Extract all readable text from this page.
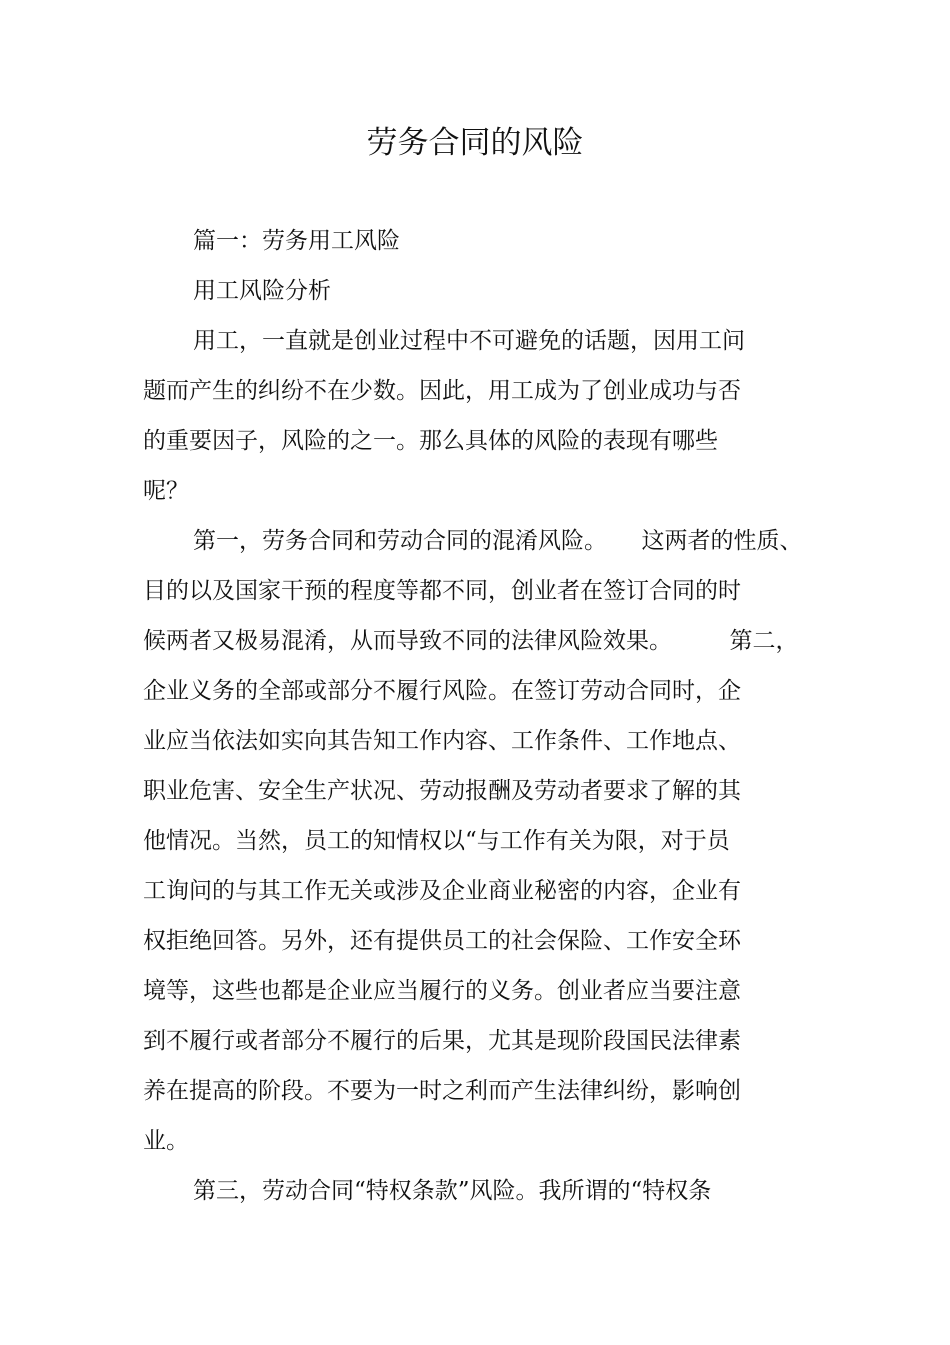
劳务合同的风险
篇一：劳务用工风险
用工风险分析
用工，一直就是创业过程中不可避免的话题，因用工问
题而产生的纠纷不在少数。因此，用工成为了创业成功与否
的重要因子，风险的之一。那么具体的风险的表现有哪些
呢？
第一，劳务合同和劳动合同的混淆风险。　　这两者的性质、
目的以及国家干预的程度等都不同，创业者在签订合同的时
候两者又极易混淆，从而导致不同的法律风险效果。　　　第二，
企业义务的全部或部分不履行风险。在签订劳动合同时，企
业应当依法如实向其告知工作内容、工作条件、工作地点、
职业危害、安全生产状况、劳动报酬及劳动者要求了解的其
他情况。当然，员工的知情权以“与工作有关为限，对于员
工询问的与其工作无关或涉及企业商业秘密的内容，企业有
权拒绝回答。另外，还有提供员工的社会保险、工作安全环
境等，这些也都是企业应当履行的义务。创业者应当要注意
到不履行或者部分不履行的后果，尤其是现阶段国民法律素
养在提高的阶段。不要为一时之利而产生法律纠纷，影响创
业。
第三，劳动合同“特权条款”风险。我所谓的“特权条
